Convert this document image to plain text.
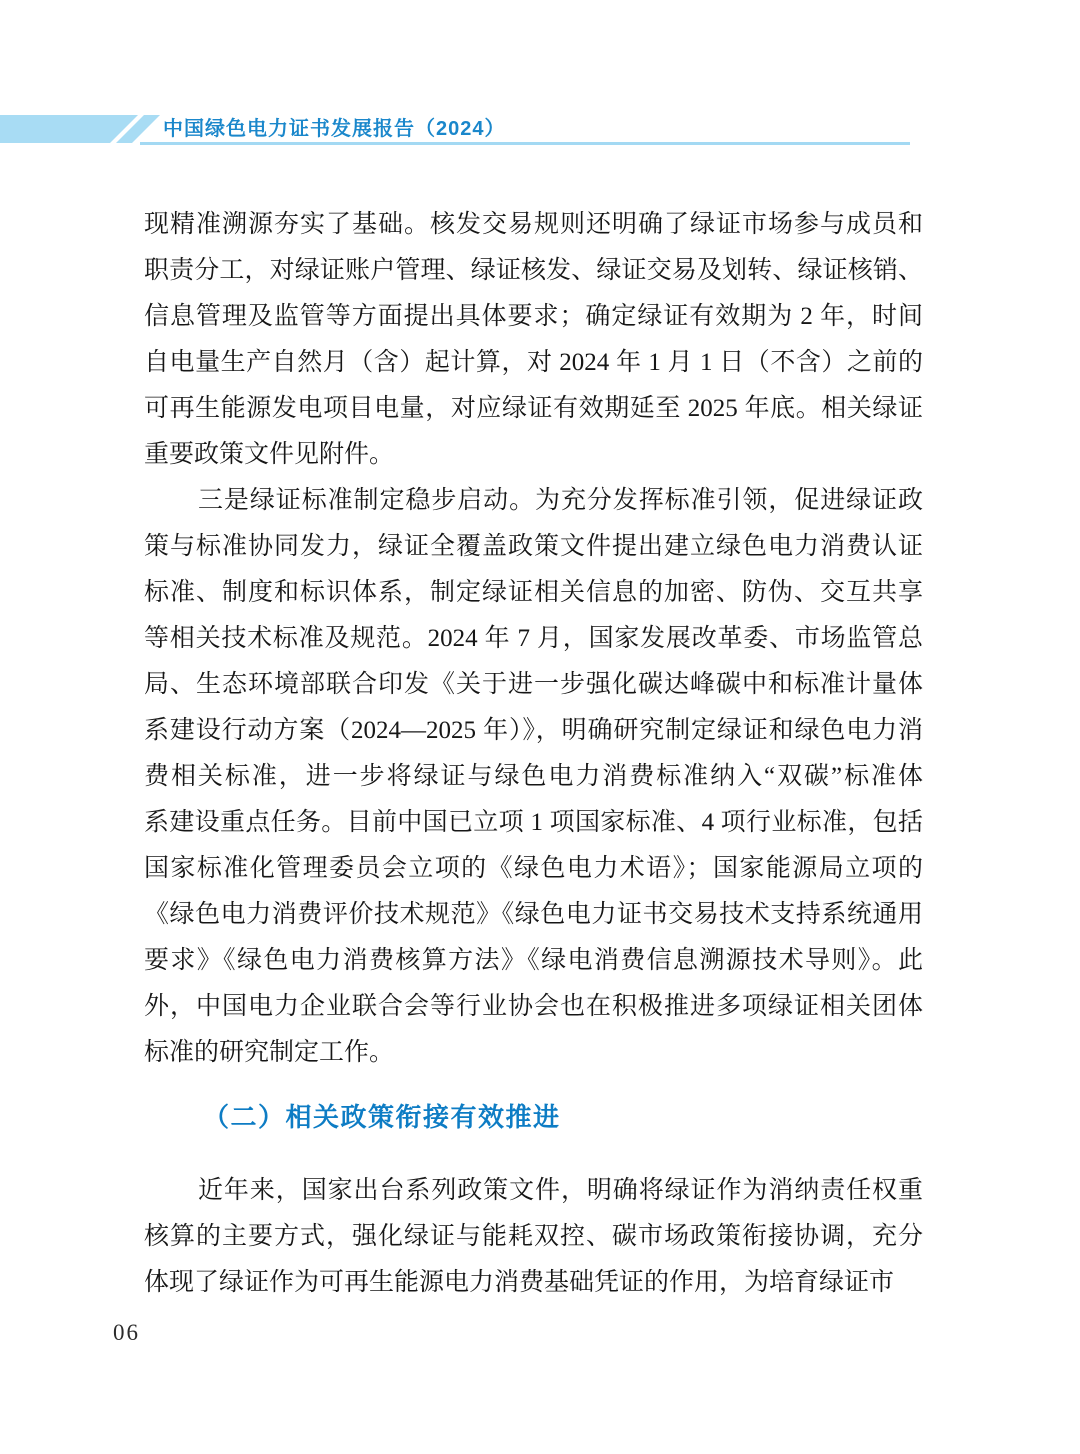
中国绿色电力证书发展报告（2024）
现精准溯源夯实了基础。核发交易规则还明确了绿证市场参与成员和
职责分工，对绿证账户管理、绿证核发、绿证交易及划转、绿证核销、
信息管理及监管等方面提出具体要求；确定绿证有效期为 2 年，时间
自电量生产自然月（含）起计算，对 2024 年 1 月 1 日（不含）之前的
可再生能源发电项目电量，对应绿证有效期延至 2025 年底。相关绿证
重要政策文件见附件。
三是绿证标准制定稳步启动。为充分发挥标准引领，促进绿证政
策与标准协同发力，绿证全覆盖政策文件提出建立绿色电力消费认证
标准、制度和标识体系，制定绿证相关信息的加密、防伪、交互共享
等相关技术标准及规范。2024 年 7 月，国家发展改革委、市场监管总
局、生态环境部联合印发《关于进一步强化碳达峰碳中和标准计量体
系建设行动方案（2024—2025 年）》，明确研究制定绿证和绿色电力消
费相关标准，进一步将绿证与绿色电力消费标准纳入“双碳”标准体
系建设重点任务。目前中国已立项 1 项国家标准、4 项行业标准，包括
国家标准化管理委员会立项的《绿色电力术语》；国家能源局立项的
《绿色电力消费评价技术规范》《绿色电力证书交易技术支持系统通用
要求》《绿色电力消费核算方法》《绿电消费信息溯源技术导则》。此
外，中国电力企业联合会等行业协会也在积极推进多项绿证相关团体
标准的研究制定工作。
（二）相关政策衔接有效推进
近年来，国家出台系列政策文件，明确将绿证作为消纳责任权重
核算的主要方式，强化绿证与能耗双控、碳市场政策衔接协调，充分
体现了绿证作为可再生能源电力消费基础凭证的作用，为培育绿证市
06
